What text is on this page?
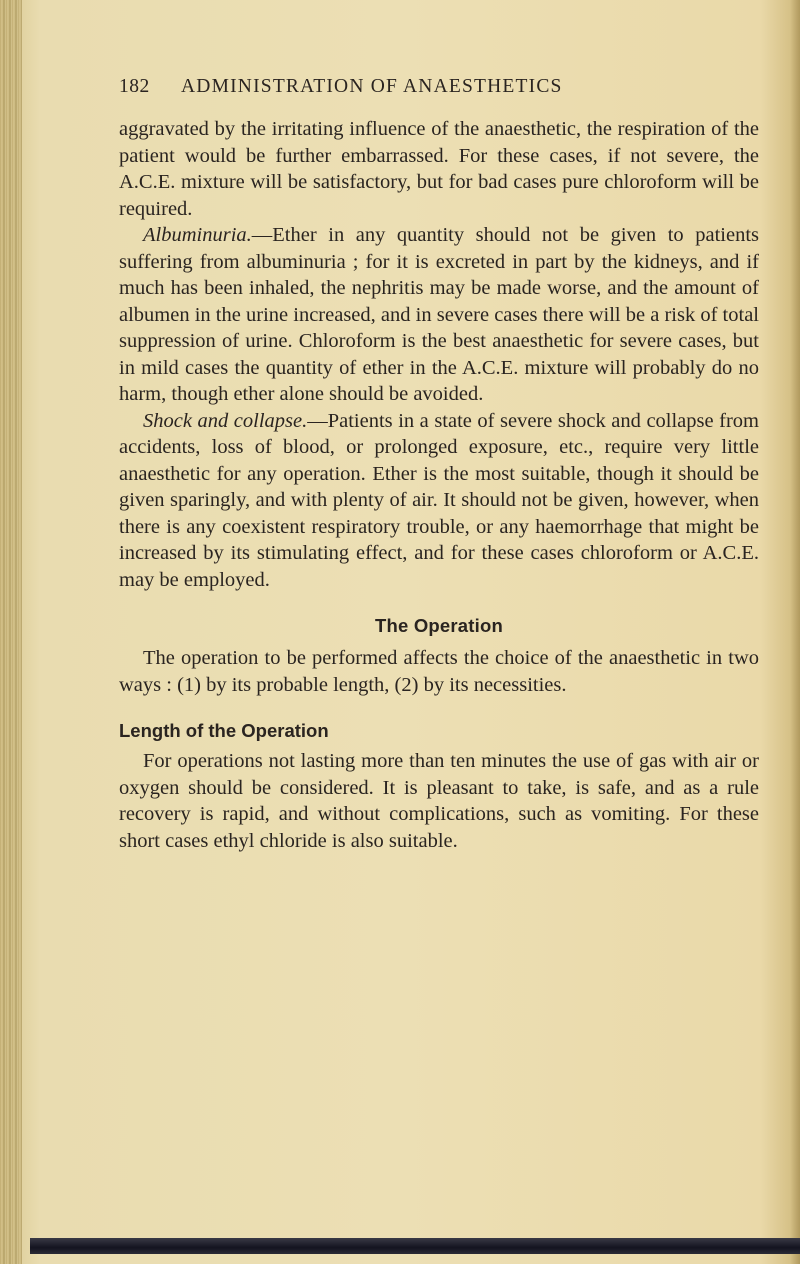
182	ADMINISTRATION OF ANAESTHETICS

aggravated by the irritating influence of the anaesthetic, the respiration of the patient would be further embarrassed. For these cases, if not severe, the A.C.E. mixture will be satisfactory, but for bad cases pure chloroform will be required.

Albuminuria.—Ether in any quantity should not be given to patients suffering from albuminuria ; for it is excreted in part by the kidneys, and if much has been inhaled, the nephritis may be made worse, and the amount of albumen in the urine increased, and in severe cases there will be a risk of total suppression of urine. Chloroform is the best anaesthetic for severe cases, but in mild cases the quantity of ether in the A.C.E. mixture will probably do no harm, though ether alone should be avoided.

Shock and collapse.—Patients in a state of severe shock and collapse from accidents, loss of blood, or prolonged exposure, etc., require very little anaesthetic for any operation. Ether is the most suitable, though it should be given sparingly, and with plenty of air. It should not be given, however, when there is any coexistent respiratory trouble, or any haemorrhage that might be increased by its stimulating effect, and for these cases chloroform or A.C.E. may be employed.

The Operation

The operation to be performed affects the choice of the anaesthetic in two ways : (1) by its probable length, (2) by its necessities.

Length of the Operation

For operations not lasting more than ten minutes the use of gas with air or oxygen should be considered. It is pleasant to take, is safe, and as a rule recovery is rapid, and without complications, such as vomiting. For these short cases ethyl chloride is also suitable.
